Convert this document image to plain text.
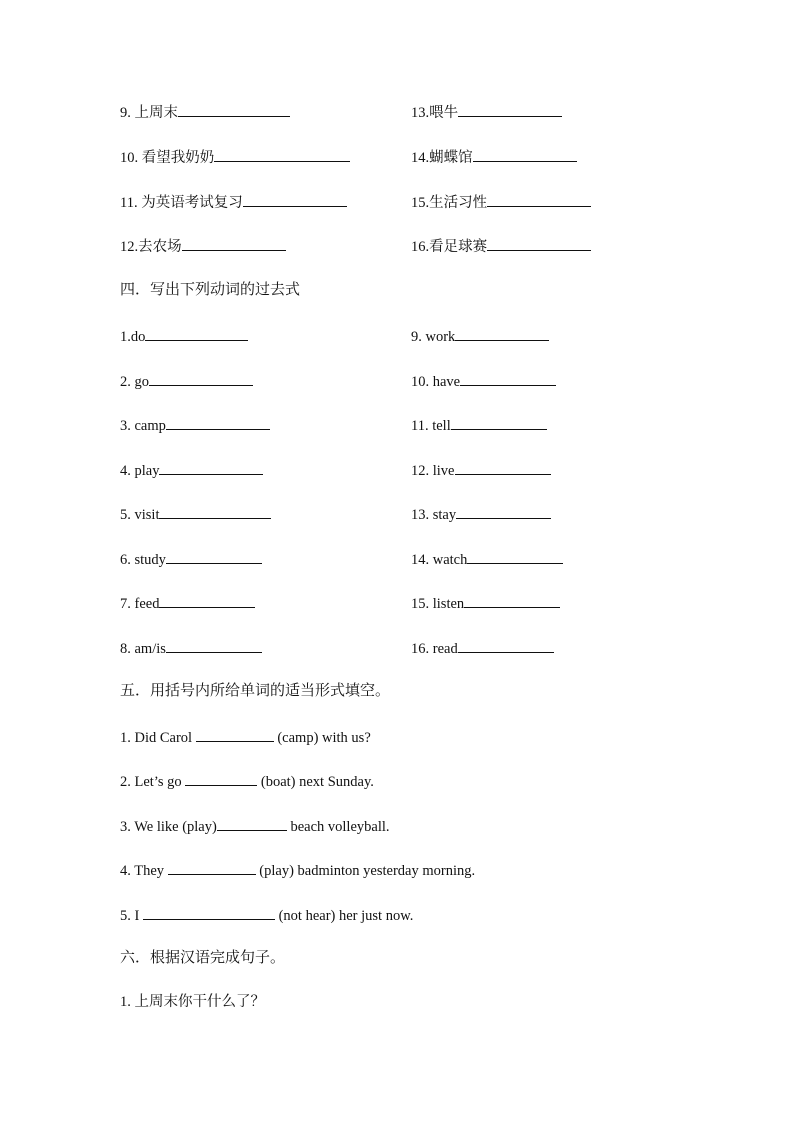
9. 上周末	13.喂牛
10. 看望我奶奶	14.蝴蝶馆
11. 为英语考试复习	15.生活习性
12.去农场	16.看足球赛
四．写出下列动词的过去式
1.do	9. work
2. go	10. have
3. camp	11. tell
4. play	12. live
5. visit	13. stay
6. study	14. watch
7. feed	15. listen
8. am/is	16. read
五．用括号内所给单词的适当形式填空。
1. Did Carol	(camp) with us?
2. Let’s go	(boat) next Sunday.
3. We like (play)	beach volleyball.
4. They	(play) badminton yesterday morning.
5. I	(not hear) her just now.
六．根据汉语完成句子。
1. 上周末你干什么了？
